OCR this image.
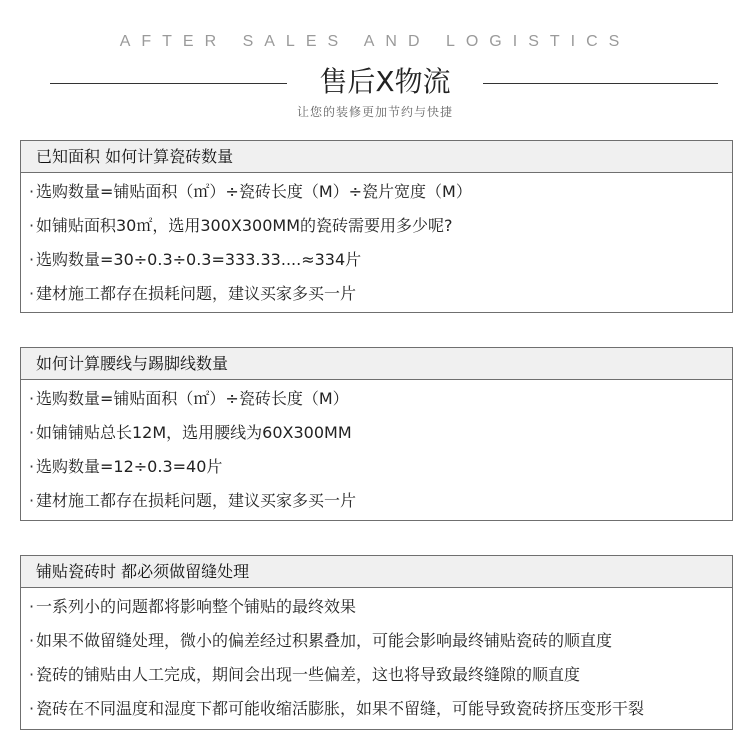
AFTER SALES AND LOGISTICS
售后X物流
让您的装修更加节约与快捷
已知面积 如何计算瓷砖数量
· 选购数量=铺贴面积（㎡）÷瓷砖长度（M）÷瓷片宽度（M）
· 如铺贴面积30㎡，选用300X300MM的瓷砖需要用多少呢?
· 选购数量=30÷0.3÷0.3=333.33....≈334片
· 建材施工都存在损耗问题，建议买家多买一片
如何计算腰线与踢脚线数量
· 选购数量=铺贴面积（㎡）÷瓷砖长度（M）
· 如铺铺贴总长12M，选用腰线为60X300MM
· 选购数量=12÷0.3=40片
· 建材施工都存在损耗问题，建议买家多买一片
铺贴瓷砖时 都必须做留缝处理
· 一系列小的问题都将影响整个铺贴的最终效果
· 如果不做留缝处理，微小的偏差经过积累叠加，可能会影响最终铺贴瓷砖的顺直度
· 瓷砖的铺贴由人工完成，期间会出现一些偏差，这也将导致最终缝隙的顺直度
· 瓷砖在不同温度和湿度下都可能收缩活膨胀，如果不留缝，可能导致瓷砖挤压变形干裂
